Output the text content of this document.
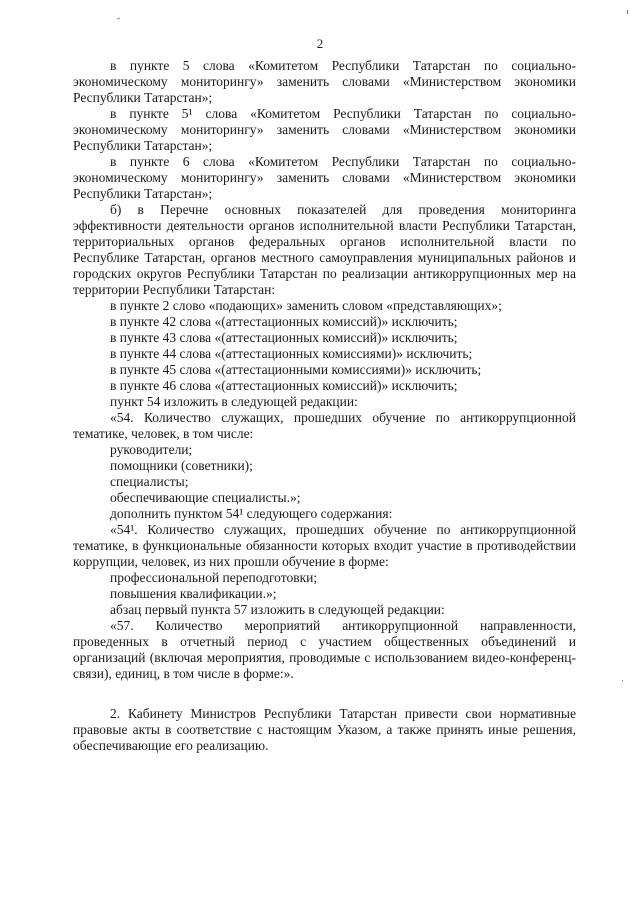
2

в пункте 5 слова «Комитетом Республики Татарстан по социально-экономическому мониторингу» заменить словами «Министерством экономики Республики Татарстан»;

в пункте 5¹ слова «Комитетом Республики Татарстан по социально-экономическому мониторингу» заменить словами «Министерством экономики Республики Татарстан»;

в пункте 6 слова «Комитетом Республики Татарстан по социально-экономическому мониторингу» заменить словами «Министерством экономики Республики Татарстан»;

б) в Перечне основных показателей для проведения мониторинга эффективности деятельности органов исполнительной власти Республики Татарстан, территориальных органов федеральных органов исполнительной власти по Республике Татарстан, органов местного самоуправления муниципальных районов и городских округов Республики Татарстан по реализации антикоррупционных мер на территории Республики Татарстан:

в пункте 2 слово «подающих» заменить словом «представляющих»;

в пункте 42 слова «(аттестационных комиссий)» исключить;

в пункте 43 слова «(аттестационных комиссий)» исключить;

в пункте 44 слова «(аттестационных комиссиями)» исключить;

в пункте 45 слова «(аттестационными комиссиями)» исключить;

в пункте 46 слова «(аттестационных комиссий)» исключить;

пункт 54 изложить в следующей редакции:

«54. Количество служащих, прошедших обучение по антикоррупционной тематике, человек, в том числе:

руководители;

помощники (советники);

специалисты;

обеспечивающие специалисты.»;

дополнить пунктом 54¹ следующего содержания:

«54¹. Количество служащих, прошедших обучение по антикоррупционной тематике, в функциональные обязанности которых входит участие в противодействии коррупции, человек, из них прошли обучение в форме:

профессиональной переподготовки;

повышения квалификации.»;

абзац первый пункта 57 изложить в следующей редакции:

«57. Количество мероприятий антикоррупционной направленности, проведенных в отчетный период с участием общественных объединений и организаций (включая мероприятия, проводимые с использованием видео-конференц-связи), единиц, в том числе в форме:».

2. Кабинету Министров Республики Татарстан привести свои нормативные правовые акты в соответствие с настоящим Указом, а также принять иные решения, обеспечивающие его реализацию.
